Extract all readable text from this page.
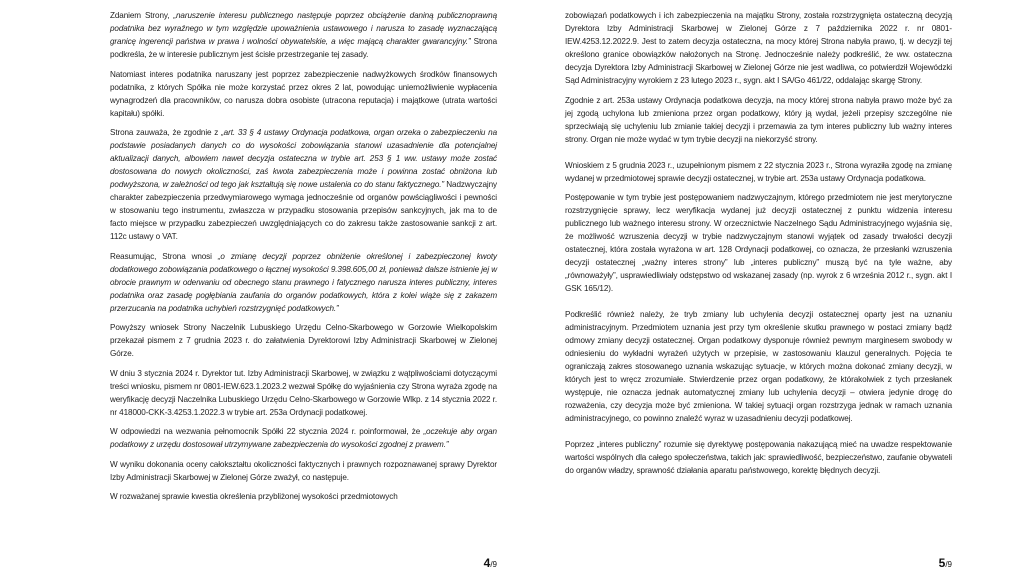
Zdaniem Strony, „naruszenie interesu publicznego następuje poprzez obciążenie daniną publicznoprawną podatnika bez wyraźnego w tym względzie upoważnienia ustawowego i narusza to zasadę wyznaczającą granicę ingerencji państwa w prawa i wolności obywatelskie, a więc mającą charakter gwarancyjny.” Strona podkreśla, że w interesie publicznym jest ścisłe przestrzeganie tej zasady.

Natomiast interes podatnika naruszany jest poprzez zabezpieczenie nadwyżkowych środków finansowych podatnika, z których Spółka nie może korzystać przez okres 2 lat, powodując uniemożliwienie wypłacenia wynagrodzeń dla pracowników, co narusza dobra osobiste (utracona reputacja) i majątkowe (utrata wartości kapitału) spółki.

Strona zauważa, że zgodnie z „art. 33 § 4 ustawy Ordynacja podatkowa, organ orzeka o zabezpieczeniu na podstawie posiadanych danych co do wysokości zobowiązania stanowi uzasadnienie dla potencjalnej aktualizacji danych, albowiem nawet decyzja ostateczna w trybie art. 253 § 1 ww. ustawy może zostać dostosowana do nowych okoliczności, zaś kwota zabezpieczenia może i powinna zostać obniżona lub podwyższona, w zależności od tego jak kształtują się nowe ustalenia co do stanu faktycznego.” Nadzwyczajny charakter zabezpieczenia przedwymiarowego wymaga jednocześnie od organów powściągliwości i pewności w stosowaniu tego instrumentu, zwłaszcza w przypadku stosowania przepisów sankcyjnych, jak ma to de facto miejsce w przypadku zabezpieczeń uwzględniających co do zakresu także zastosowanie sankcji z art. 112c ustawy o VAT.

Reasumując, Strona wnosi „o zmianę decyzji poprzez obniżenie określonej i zabezpieczonej kwoty dodatkowego zobowiązania podatkowego o łącznej wysokości 9.398.605,00 zł, ponieważ dalsze istnienie jej w obrocie prawnym w oderwaniu od obecnego stanu prawnego i fatycznego narusza interes publiczny, interes podatnika oraz zasadę pogłębiania zaufania do organów podatkowych, która z kolei wiąże się z zakazem przerzucania na podatnika uchybień rozstrzygnięć podatkowych.”

Powyższy wniosek Strony Naczelnik Lubuskiego Urzędu Celno-Skarbowego w Gorzowie Wielkopolskim przekazał pismem z 7 grudnia 2023 r. do załatwienia Dyrektorowi Izby Administracji Skarbowej w Zielonej Górze.

W dniu 3 stycznia 2024 r. Dyrektor tut. Izby Administracji Skarbowej, w związku z wątpliwościami dotyczącymi treści wniosku, pismem nr 0801-IEW.623.1.2023.2 wezwał Spółkę do wyjaśnienia czy Strona wyraża zgodę na weryfikację decyzji Naczelnika Lubuskiego Urzędu Celno-Skarbowego w Gorzowie Wlkp. z 14 stycznia 2022 r. nr 418000-CKK-3.4253.1.2022.3 w trybie art. 253a Ordynacji podatkowej.

W odpowiedzi na wezwania pełnomocnik Spółki 22 stycznia 2024 r. poinformował, że „oczekuje aby organ podatkowy z urzędu dostosował utrzymywane zabezpieczenia do wysokości zgodnej z prawem.”

W wyniku dokonania oceny całokształtu okoliczności faktycznych i prawnych rozpoznawanej sprawy Dyrektor Izby Administracji Skarbowej w Zielonej Górze zważył, co następuje.

W rozważanej sprawie kwestia określenia przybliżonej wysokości przedmiotowych

4/9

zobowiązań podatkowych i ich zabezpieczenia na majątku Strony, została rozstrzygnięta ostateczną decyzją Dyrektora Izby Administracji Skarbowej w Zielonej Górze z 7 października 2022 r. nr 0801-IEW.4253.12.2022.9. Jest to zatem decyzja ostateczna, na mocy której Strona nabyła prawo, tj. w decyzji tej określono granice obowiązków nałożonych na Stronę. Jednocześnie należy podkreślić, że ww. ostateczna decyzja Dyrektora Izby Administracji Skarbowej w Zielonej Górze nie jest wadliwa, co potwierdził Wojewódzki Sąd Administracyjny wyrokiem z 23 lutego 2023 r., sygn. akt I SA/Go 461/22, oddalając skargę Strony.

Zgodnie z art. 253a ustawy Ordynacja podatkowa decyzja, na mocy której strona nabyła prawo może być za jej zgodą uchylona lub zmieniona przez organ podatkowy, który ją wydał, jeżeli przepisy szczególne nie sprzeciwiają się uchyleniu lub zmianie takiej decyzji i przemawia za tym interes publiczny lub ważny interes strony. Organ nie może wydać w tym trybie decyzji na niekorzyść strony.

Wnioskiem z 5 grudnia 2023 r., uzupełnionym pismem z 22 stycznia 2023 r., Strona wyraziła zgodę na zmianę wydanej w przedmiotowej sprawie decyzji ostatecznej, w trybie art. 253a ustawy Ordynacja podatkowa.

Postępowanie w tym trybie jest postępowaniem nadzwyczajnym, którego przedmiotem nie jest merytoryczne rozstrzygnięcie sprawy, lecz weryfikacja wydanej już decyzji ostatecznej z punktu widzenia interesu publicznego lub ważnego interesu strony. W orzecznictwie Naczelnego Sądu Administracyjnego wyjaśnia się, że możliwość wzruszenia decyzji w trybie nadzwyczajnym stanowi wyjątek od zasady trwałości decyzji ostatecznej, która została wyrażona w art. 128 Ordynacji podatkowej, co oznacza, że przesłanki wzruszenia decyzji ostatecznej „ważny interes strony” lub „interes publiczny” muszą być na tyle ważne, aby „równoważyły”, usprawiedliwiały odstępstwo od wskazanej zasady (np. wyrok z 6 września 2012 r., sygn. akt I GSK 165/12).

Podkreślić również należy, że tryb zmiany lub uchylenia decyzji ostatecznej oparty jest na uznaniu administracyjnym. Przedmiotem uznania jest przy tym określenie skutku prawnego w postaci zmiany bądź odmowy zmiany decyzji ostatecznej. Organ podatkowy dysponuje również pewnym marginesem swobody w odniesieniu do wykładni wyrażeń użytych w przepisie, w zastosowaniu klauzul generalnych. Pojęcia te ograniczają zakres stosowanego uznania wskazując sytuacje, w których można dokonać zmiany decyzji, w których jest to wręcz zrozumiałe. Stwierdzenie przez organ podatkowy, że którakolwiek z tych przesłanek występuje, nie oznacza jednak automatycznej zmiany lub uchylenia decyzji – otwiera jedynie drogę do rozważenia, czy decyzja może być zmieniona. W takiej sytuacji organ rozstrzyga jednak w ramach uznania administracyjnego, co powinno znaleźć wyraz w uzasadnieniu decyzji podatkowej.

Poprzez „interes publiczny” rozumie się dyrektywę postępowania nakazującą mieć na uwadze respektowanie wartości wspólnych dla całego społeczeństwa, takich jak: sprawiedliwość, bezpieczeństwo, zaufanie obywateli do organów władzy, sprawność działania aparatu państwowego, korektę błędnych decyzji.

5/9
